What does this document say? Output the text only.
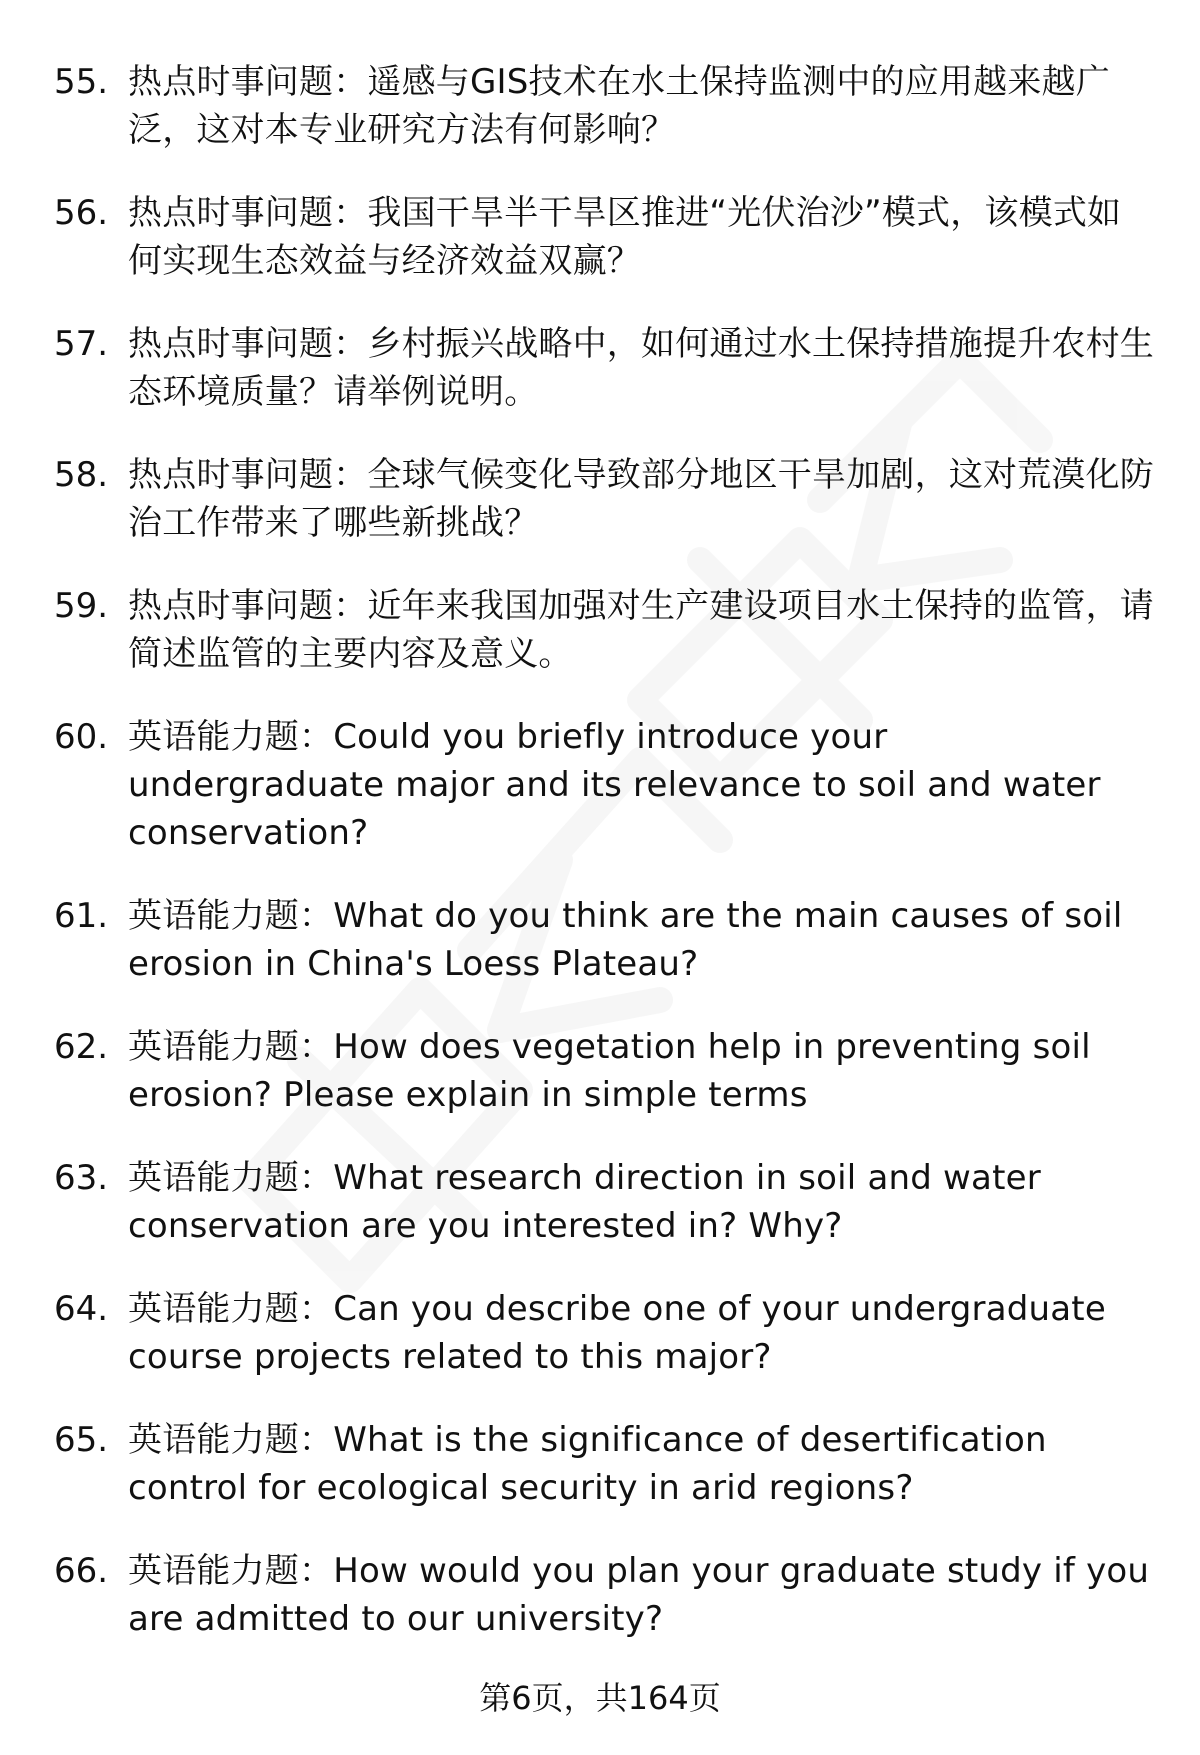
55. 热点时事问题：遥感与GIS技术在水土保持监测中的应用越来越广泛，这对本专业研究方法有何影响？
56. 热点时事问题：我国干旱半干旱区推进“光伏治沙”模式，该模式如何实现生态效益与经济效益双赢？
57. 热点时事问题：乡村振兴战略中，如何通过水土保持措施提升农村生态环境质量？请举例说明。
58. 热点时事问题：全球气候变化导致部分地区干旱加剧，这对荒漠化防治工作带来了哪些新挑战？
59. 热点时事问题：近年来我国加强对生产建设项目水土保持的监管，请简述监管的主要内容及意义。
60. 英语能力题：Could you briefly introduce your undergraduate major and its relevance to soil and water conservation?
61. 英语能力题：What do you think are the main causes of soil erosion in China's Loess Plateau?
62. 英语能力题：How does vegetation help in preventing soil erosion? Please explain in simple terms
63. 英语能力题：What research direction in soil and water conservation are you interested in? Why?
64. 英语能力题：Can you describe one of your undergraduate course projects related to this major?
65. 英语能力题：What is the significance of desertification control for ecological security in arid regions?
66. 英语能力题：How would you plan your graduate study if you are admitted to our university?
第6页，共164页
